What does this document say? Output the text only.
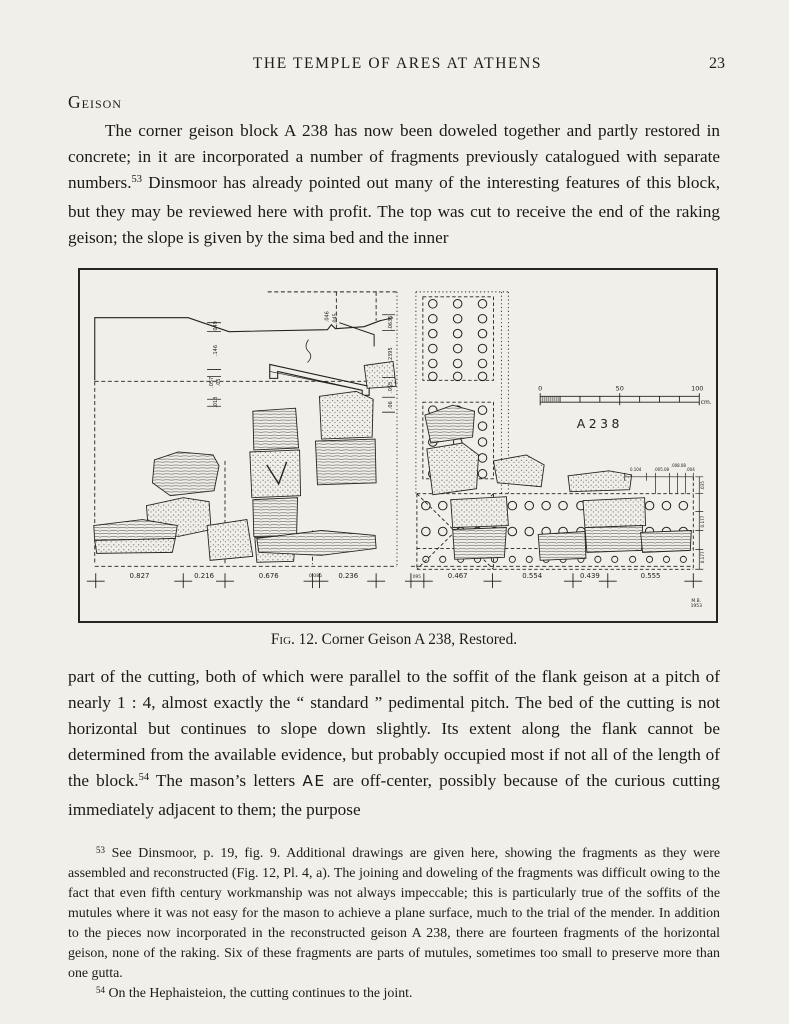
THE TEMPLE OF ARES AT ATHENS	23
Geison

The corner geison block A 238 has now been doweled together and partly restored in concrete; in it are incorporated a number of fragments previously catalogued with separate numbers.$^{53}$ Dinsmoor has already pointed out many of the interesting features of this block, but they may be reviewed here with profit. The top was cut to receive the end of the raking geison; the slope is given by the sima bed and the inner

.049
.146
.057 .05
.018
.046 .045	.0635
.2395
.055
.06
0.104	.005.08
.008.08
.004
.035
0.177
0.177
0	50	100
cm.
A238
0.827	0.216	0.676	0.085 0.236	095	0.467	0.554	0.439	0.555
M.B.
1953

Fig. 12. Corner Geison A 238, Restored.

part of the cutting, both of which were parallel to the soffit of the flank geison at a pitch of nearly 1 : 4, almost exactly the “ standard ” pedimental pitch. The bed of the cutting is not horizontal but continues to slope down slightly. Its extent along the flank cannot be determined from the available evidence, but probably occupied most if not all of the length of the block.$^{54}$ The mason’s letters ΑΕ are off-center, possibly because of the curious cutting immediately adjacent to them; the purpose

$^{53}$ See Dinsmoor, p. 19, fig. 9. Additional drawings are given here, showing the fragments as they were assembled and reconstructed (Fig. 12, Pl. 4, a). The joining and doweling of the fragments was difficult owing to the fact that even fifth century workmanship was not always impeccable; this is particularly true of the soffits of the mutules where it was not easy for the mason to achieve a plane surface, much to the trial of the mender. In addition to the pieces now incorporated in the reconstructed geison A 238, there are fourteen fragments of the horizontal geison, none of the raking. Six of these fragments are parts of mutules, sometimes too small to preserve more than one gutta.

$^{54}$ On the Hephaisteion, the cutting continues to the joint.
